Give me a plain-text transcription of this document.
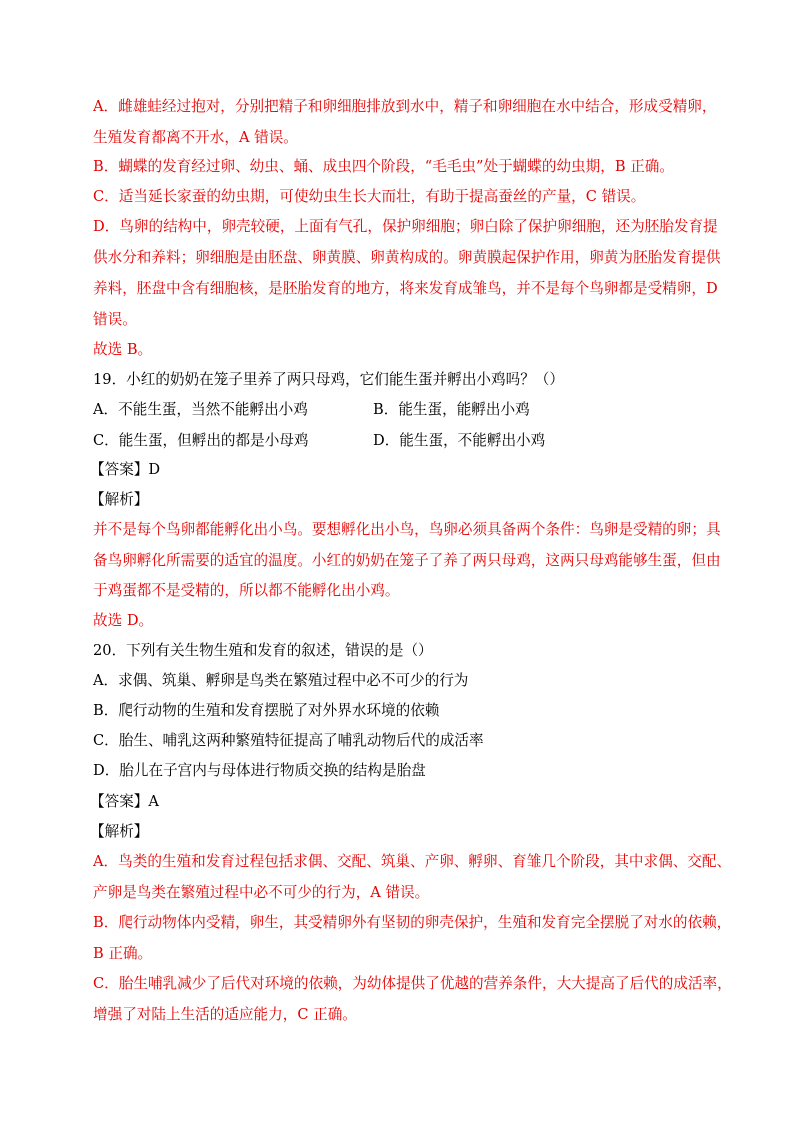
A．雌雄蛙经过抱对，分别把精子和卵细胞排放到水中，精子和卵细胞在水中结合，形成受精卵，
生殖发育都离不开水，A 错误。
B．蝴蝶的发育经过卵、幼虫、蛹、成虫四个阶段，“毛毛虫”处于蝴蝶的幼虫期，B 正确。
C．适当延长家蚕的幼虫期，可使幼虫生长大而壮，有助于提高蚕丝的产量，C 错误。
D．鸟卵的结构中，卵壳较硬，上面有气孔，保护卵细胞；卵白除了保护卵细胞，还为胚胎发育提
供水分和养料；卵细胞是由胚盘、卵黄膜、卵黄构成的。卵黄膜起保护作用，卵黄为胚胎发育提供
养料，胚盘中含有细胞核，是胚胎发育的地方，将来发育成雏鸟，并不是每个鸟卵都是受精卵，D
错误。
故选 B。
19．小红的奶奶在笼子里养了两只母鸡，它们能生蛋并孵出小鸡吗？（）
A．不能生蛋，当然不能孵出小鸡	B．能生蛋，能孵出小鸡
C．能生蛋，但孵出的都是小母鸡	D．能生蛋，不能孵出小鸡
【答案】D
【解析】
并不是每个鸟卵都能孵化出小鸟。要想孵化出小鸟，鸟卵必须具备两个条件：鸟卵是受精的卵；具
备鸟卵孵化所需要的适宜的温度。小红的奶奶在笼子了养了两只母鸡，这两只母鸡能够生蛋，但由
于鸡蛋都不是受精的，所以都不能孵化出小鸡。
故选 D。
20．下列有关生物生殖和发育的叙述，错误的是（）
A．求偶、筑巢、孵卵是鸟类在繁殖过程中必不可少的行为
B．爬行动物的生殖和发育摆脱了对外界水环境的依赖
C．胎生、哺乳这两种繁殖特征提高了哺乳动物后代的成活率
D．胎儿在子宫内与母体进行物质交换的结构是胎盘
【答案】A
【解析】
A．鸟类的生殖和发育过程包括求偶、交配、筑巢、产卵、孵卵、育雏几个阶段，其中求偶、交配、
产卵是鸟类在繁殖过程中必不可少的行为，A 错误。
B．爬行动物体内受精，卵生，其受精卵外有坚韧的卵壳保护，生殖和发育完全摆脱了对水的依赖，
B 正确。
C．胎生哺乳减少了后代对环境的依赖，为幼体提供了优越的营养条件，大大提高了后代的成活率，
增强了对陆上生活的适应能力，C 正确。
